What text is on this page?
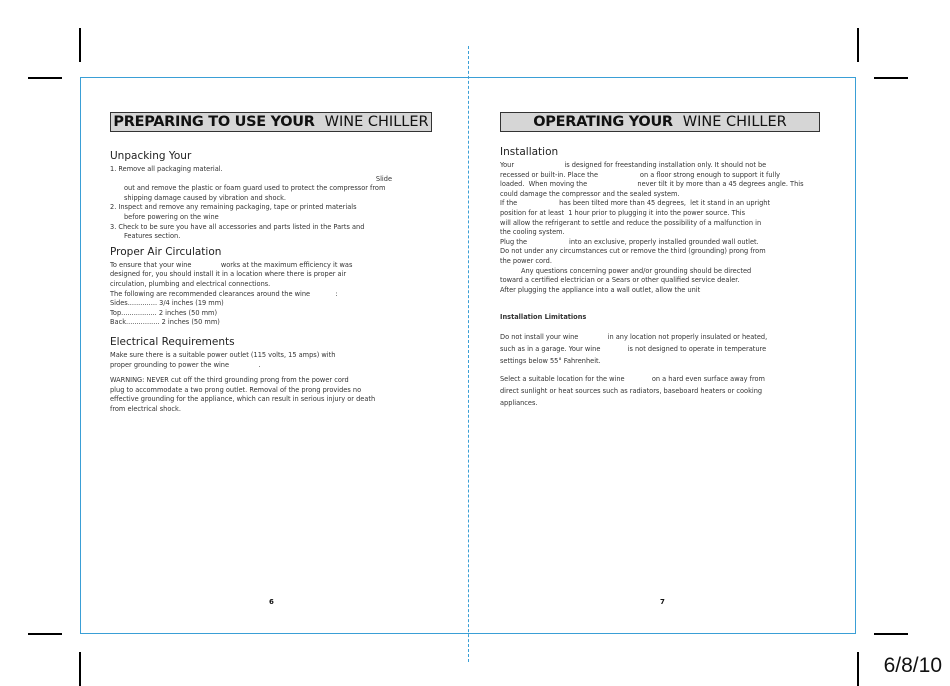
PREPARING TO USE YOUR WINE CHILLER
Unpacking Your

1. Remove all packaging material.

Slide

out and remove the plastic or foam guard used to protect the compressor from

shipping damage caused by vibration and shock.

2. Inspect and remove any remaining packaging, tape or printed materials

before powering on the wine

3. Check to be sure you have all accessories and parts listed in the Parts and

Features section.

Proper Air Circulation

To ensure that your wine              works at the maximum efficiency it was

designed for, you should install it in a location where there is proper air

circulation, plumbing and electrical connections.

The following are recommended clearances around the wine            :

Sides.............. 3/4 inches (19 mm)

Top................. 2 inches (50 mm)

Back................ 2 inches (50 mm)

Electrical Requirements

Make sure there is a suitable power outlet (115 volts, 15 amps) with

proper grounding to power the wine              .

WARNING: NEVER cut off the third grounding prong from the power cord

plug to accommodate a two prong outlet. Removal of the prong provides no

effective grounding for the appliance, which can result in serious injury or death

from electrical shock.

6
OPERATING YOUR WINE CHILLER
Installation

Your                        is designed for freestanding installation only. It should not be

recessed or built-in. Place the                    on a floor strong enough to support it fully

loaded.  When moving the                        never tilt it by more than a 45 degrees angle. This

could damage the compressor and the sealed system.

If the                    has been tilted more than 45 degrees,  let it stand in an upright

position for at least  1 hour prior to plugging it into the power source. This

will allow the refrigerant to settle and reduce the possibility of a malfunction in

the cooling system.

Plug the                    into an exclusive, properly installed grounded wall outlet.

Do not under any circumstances cut or remove the third (grounding) prong from

the power cord.

Any questions concerning power and/or grounding should be directed

toward a certified electrician or a Sears or other qualified service dealer.

After plugging the appliance into a wall outlet, allow the unit

Installation Limitations

Do not install your wine              in any location not properly insulated or heated,

such as in a garage. Your wine             is not designed to operate in temperature

settings below 55° Fahrenheit.

Select a suitable location for the wine             on a hard even surface away from

direct sunlight or heat sources such as radiators, baseboard heaters or cooking

appliances.

7
6/8/10
